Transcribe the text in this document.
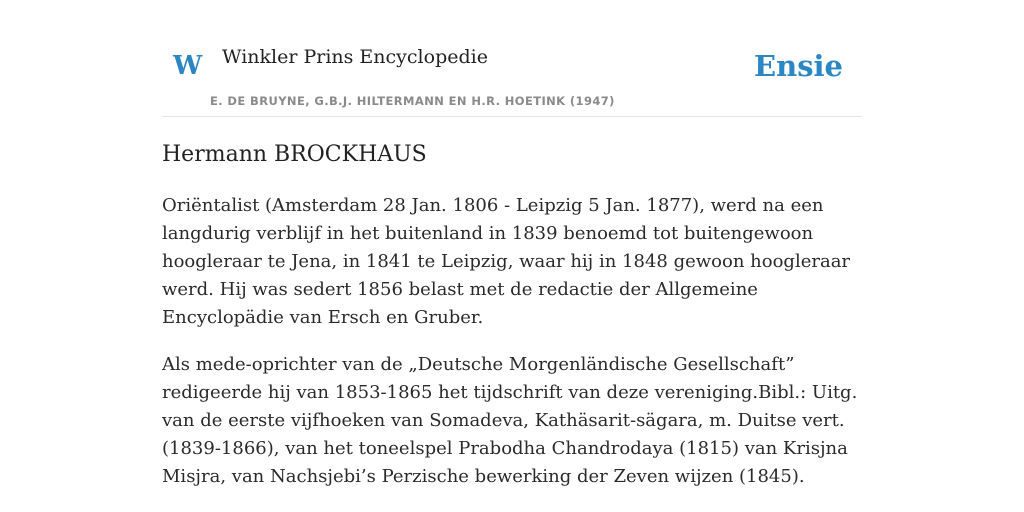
W Winkler Prins Encyclopedie
E. DE BRUYNE, G.B.J. HILTERMANN EN H.R. HOETINK (1947)
Ensie
Hermann BROCKHAUS

Oriëntalist (Amsterdam 28 Jan. 1806 - Leipzig 5 Jan. 1877), werd na een langdurig verblijf in het buitenland in 1839 benoemd tot buitengewoon hoogleraar te Jena, in 1841 te Leipzig, waar hij in 1848 gewoon hoogleraar werd. Hij was sedert 1856 belast met de redactie der Allgemeine Encyclopädie van Ersch en Gruber.

Als mede-oprichter van de „Deutsche Morgenländische Gesellschaft” redigeerde hij van 1853-1865 het tijdschrift van deze vereniging.Bibl.: Uitg. van de eerste vijfhoeken van Somadeva, Kathäsarit-sägara, m. Duitse vert. (1839-1866), van het toneelspel Prabodha Chandrodaya (1815) van Krisjna Misjra, van Nachsjebi’s Perzische bewerking der Zeven wijzen (1845).
